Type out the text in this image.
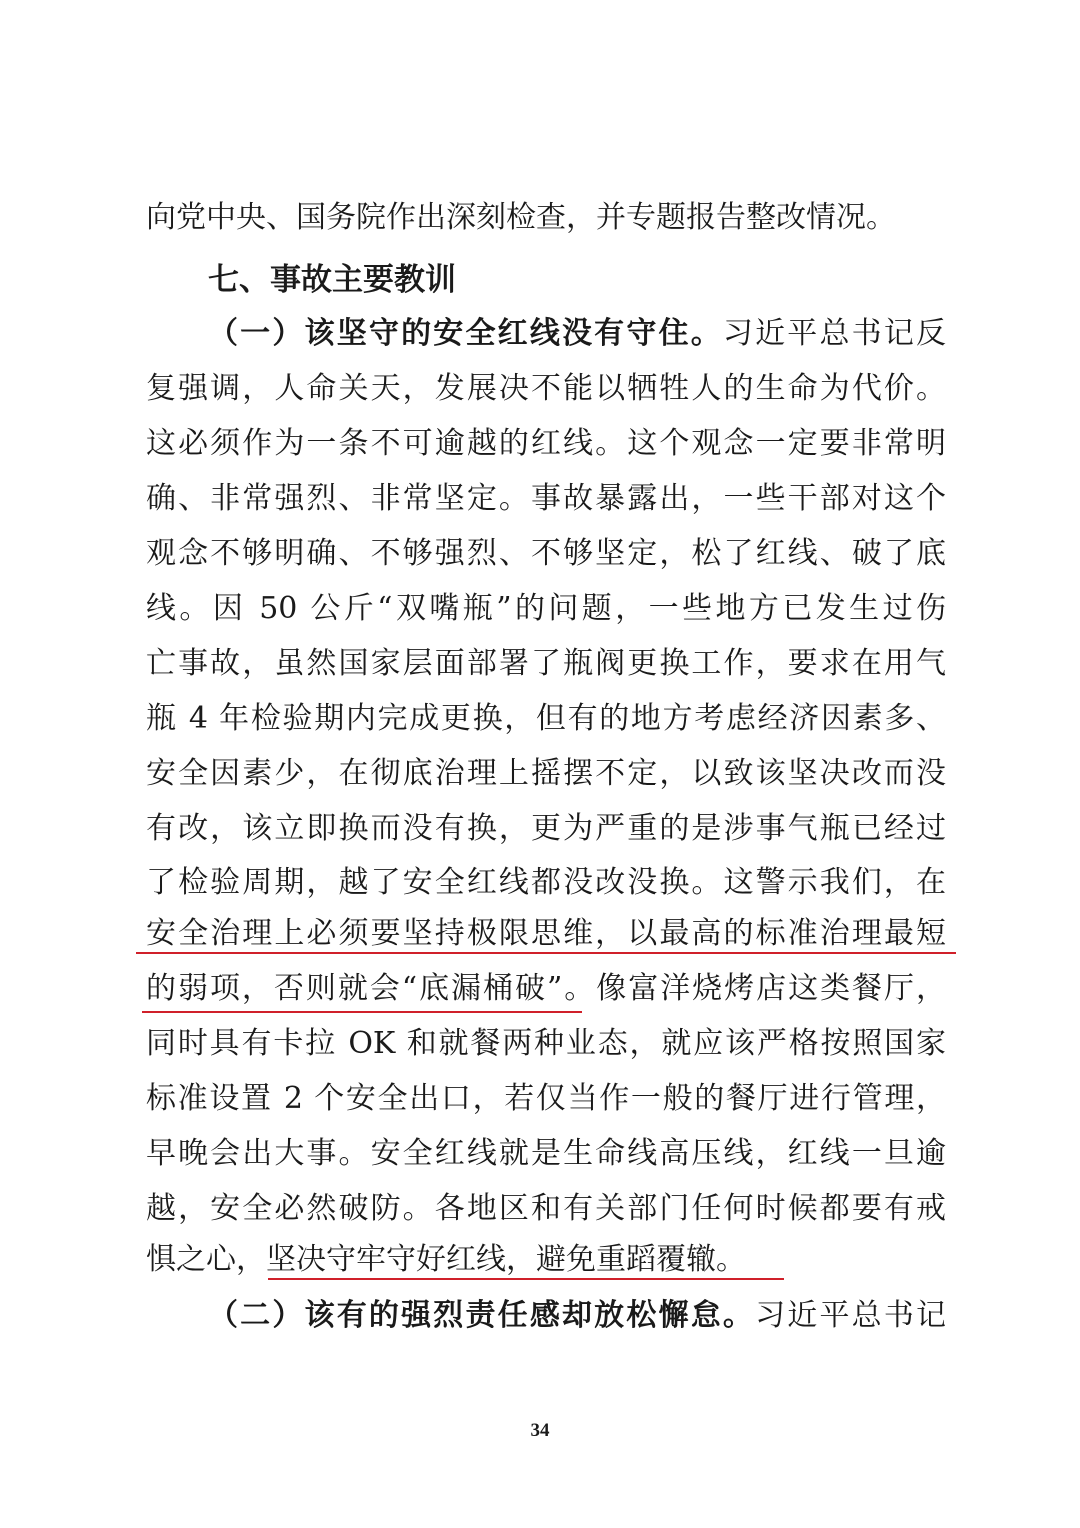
向党中央、国务院作出深刻检查，并专题报告整改情况。
七、事故主要教训
（一）该坚守的安全红线没有守住。习近平总书记反
复强调，人命关天，发展决不能以牺牲人的生命为代价。
这必须作为一条不可逾越的红线。这个观念一定要非常明
确、非常强烈、非常坚定。事故暴露出，一些干部对这个
观念不够明确、不够强烈、不够坚定，松了红线、破了底
线。因 50 公斤“双嘴瓶”的问题，一些地方已发生过伤
亡事故，虽然国家层面部署了瓶阀更换工作，要求在用气
瓶 4 年检验期内完成更换，但有的地方考虑经济因素多、
安全因素少，在彻底治理上摇摆不定，以致该坚决改而没
有改，该立即换而没有换，更为严重的是涉事气瓶已经过
了检验周期，越了安全红线都没改没换。这警示我们，在
安全治理上必须要坚持极限思维，以最高的标准治理最短
的弱项，否则就会“底漏桶破”。像富洋烧烤店这类餐厅，
同时具有卡拉 OK 和就餐两种业态，就应该严格按照国家
标准设置 2 个安全出口，若仅当作一般的餐厅进行管理，
早晚会出大事。安全红线就是生命线高压线，红线一旦逾
越，安全必然破防。各地区和有关部门任何时候都要有戒
惧之心，坚决守牢守好红线，避免重蹈覆辙。
（二）该有的强烈责任感却放松懈怠。习近平总书记
34
